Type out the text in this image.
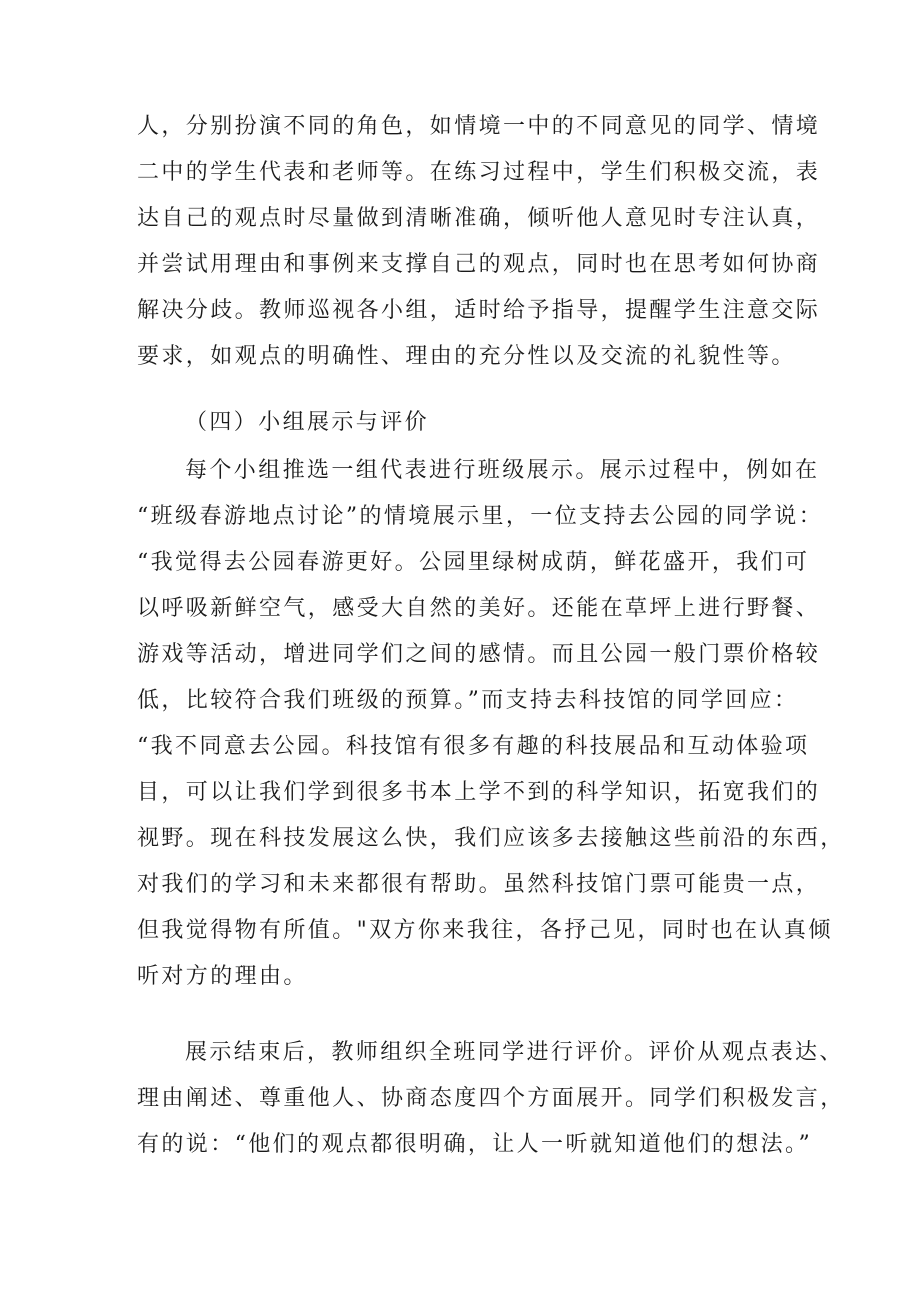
人，分别扮演不同的角色，如情境一中的不同意见的同学、情境
二中的学生代表和老师等。在练习过程中，学生们积极交流，表
达自己的观点时尽量做到清晰准确，倾听他人意见时专注认真，
并尝试用理由和事例来支撑自己的观点，同时也在思考如何协商
解决分歧。教师巡视各小组，适时给予指导，提醒学生注意交际
要求，如观点的明确性、理由的充分性以及交流的礼貌性等。
（四）小组展示与评价
每个小组推选一组代表进行班级展示。展示过程中，例如在
“班级春游地点讨论”的情境展示里，一位支持去公园的同学说：
“我觉得去公园春游更好。公园里绿树成荫，鲜花盛开，我们可
以呼吸新鲜空气，感受大自然的美好。还能在草坪上进行野餐、
游戏等活动，增进同学们之间的感情。而且公园一般门票价格较
低，比较符合我们班级的预算。”而支持去科技馆的同学回应：
“我不同意去公园。科技馆有很多有趣的科技展品和互动体验项
目，可以让我们学到很多书本上学不到的科学知识，拓宽我们的
视野。现在科技发展这么快，我们应该多去接触这些前沿的东西，
对我们的学习和未来都很有帮助。虽然科技馆门票可能贵一点，
但我觉得物有所值。"双方你来我往，各抒己见，同时也在认真倾
听对方的理由。
展示结束后，教师组织全班同学进行评价。评价从观点表达、
理由阐述、尊重他人、协商态度四个方面展开。同学们积极发言，
有的说：“他们的观点都很明确，让人一听就知道他们的想法。”
